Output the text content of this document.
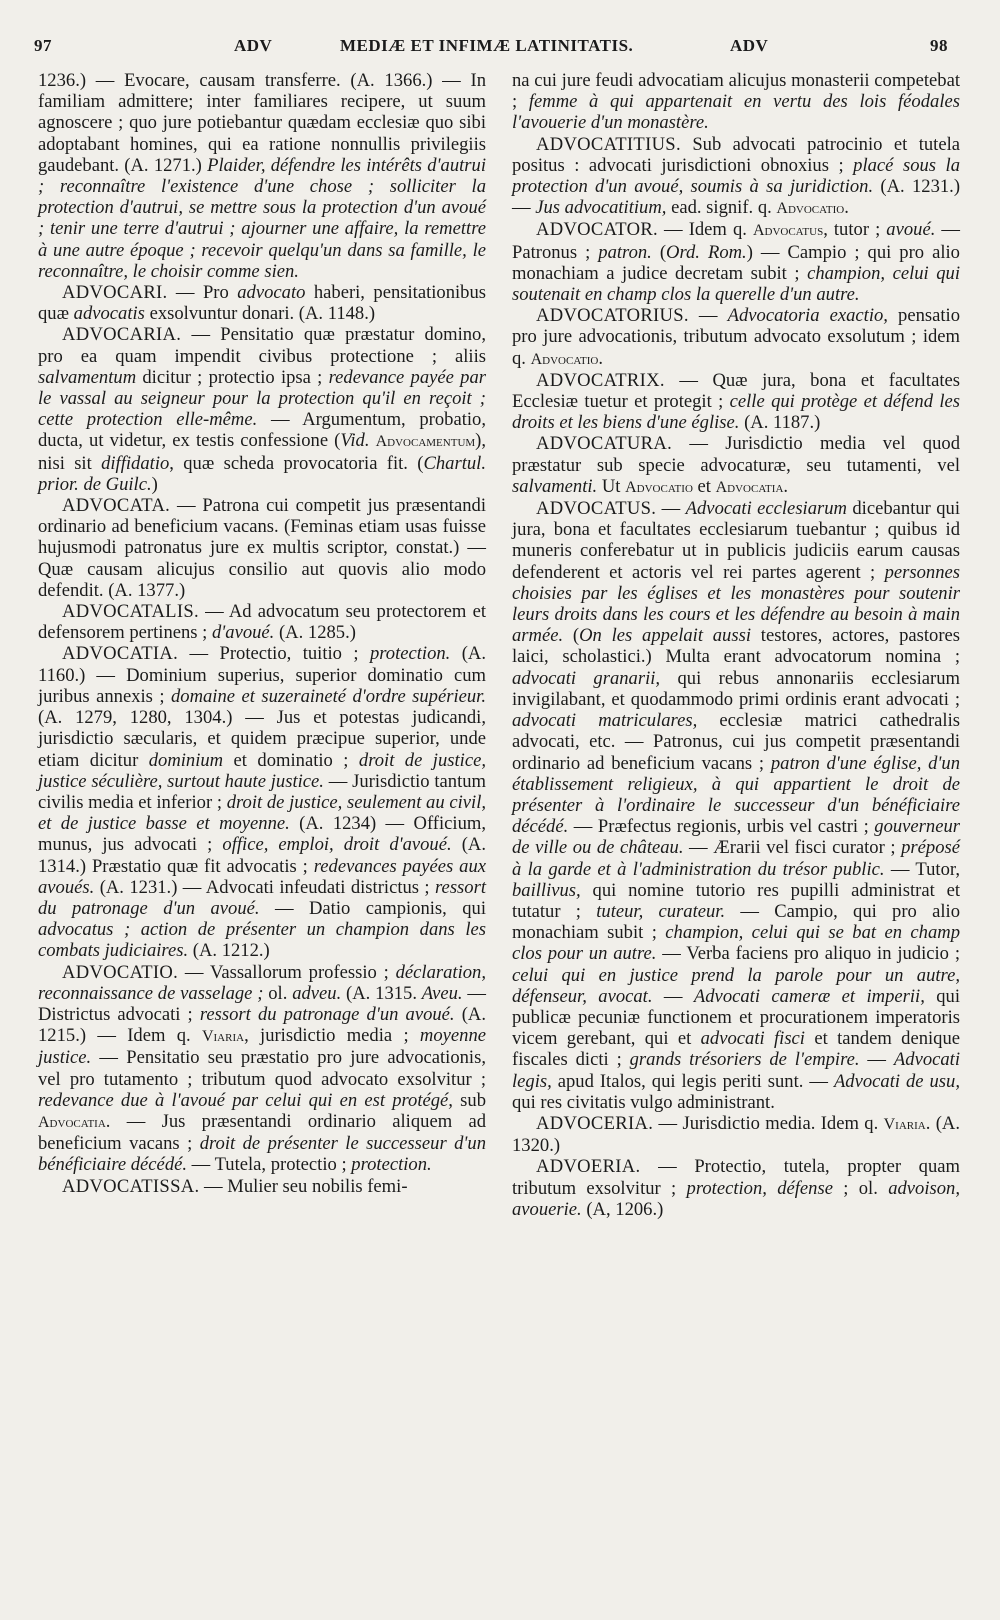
97	ADV	MEDIÆ ET INFIMÆ LATINITATIS.	ADV	98

1236.) — Evocare, causam transferre. (A. 1366.) — In familiam admittere; inter familiares recipere, ut suum agnoscere ; quo jure potiebantur quædam ecclesiæ quo sibi adoptabant homines, qui ea ratione nonnullis privilegiis gaudebant. (A. 1271.) Plaider, défendre les intérêts d'autrui ; reconnaître l'existence d'une chose ; solliciter la protection d'autrui, se mettre sous la protection d'un avoué ; tenir une terre d'autrui ; ajourner une affaire, la remettre à une autre époque ; recevoir quelqu'un dans sa famille, le reconnaître, le choisir comme sien.

ADVOCARI. — Pro advocato haberi, pensitationibus quæ advocatis exsolvuntur donari. (A. 1148.)

ADVOCARIA. — Pensitatio quæ præstatur domino, pro ea quam impendit civibus protectione ; aliis salvamentum dicitur ; protectio ipsa ; redevance payée par le vassal au seigneur pour la protection qu'il en reçoit ; cette protection elle-même. — Argumentum, probatio, ducta, ut videtur, ex testis confessione (Vid. Advocamentum), nisi sit diffidatio, quæ scheda provocatoria fit. (Chartul. prior. de Guilc.)

ADVOCATA. — Patrona cui competit jus præsentandi ordinario ad beneficium vacans. (Feminas etiam usas fuisse hujusmodi patronatus jure ex multis scriptor, constat.) — Quæ causam alicujus consilio aut quovis alio modo defendit. (A. 1377.)

ADVOCATALIS. — Ad advocatum seu protectorem et defensorem pertinens ; d'avoué. (A. 1285.)

ADVOCATIA. — Protectio, tuitio ; protection. (A. 1160.) — Dominium superius, superior dominatio cum juribus annexis ; domaine et suzeraineté d'ordre supérieur. (A. 1279, 1280, 1304.) — Jus et potestas judicandi, jurisdictio sæcularis, et quidem præcipue superior, unde etiam dicitur dominium et dominatio ; droit de justice, justice séculière, surtout haute justice. — Jurisdictio tantum civilis media et inferior ; droit de justice, seulement au civil, et de justice basse et moyenne. (A. 1234) — Officium, munus, jus advocati ; office, emploi, droit d'avoué. (A. 1314.) Præstatio quæ fit advocatis ; redevances payées aux avoués. (A. 1231.) — Advocati infeudati districtus ; ressort du patronage d'un avoué. — Datio campionis, qui advocatus ; action de présenter un champion dans les combats judiciaires. (A. 1212.)

ADVOCATIO. — Vassallorum professio ; déclaration, reconnaissance de vasselage ; ol. adveu. (A. 1315. Aveu. — Districtus advocati ; ressort du patronage d'un avoué. (A. 1215.) — Idem q. Viaria, jurisdictio media ; moyenne justice. — Pensitatio seu præstatio pro jure advocationis, vel pro tutamento ; tributum quod advocato exsolvitur ; redevance due à l'avoué par celui qui en est protégé, sub Advocatia. — Jus præsentandi ordinario aliquem ad beneficium vacans ; droit de présenter le successeur d'un bénéficiaire décédé. — Tutela, protectio ; protection.

ADVOCATISSA. — Mulier seu nobilis femi-

na cui jure feudi advocatiam alicujus monasterii competebat ; femme à qui appartenait en vertu des lois féodales l'avouerie d'un monastère.

ADVOCATITIUS. Sub advocati patrocinio et tutela positus : advocati jurisdictioni obnoxius ; placé sous la protection d'un avoué, soumis à sa juridiction. (A. 1231.) — Jus advocatitium, ead. signif. q. Advocatio.

ADVOCATOR. — Idem q. Advocatus, tutor ; avoué. — Patronus ; patron. (Ord. Rom.) — Campio ; qui pro alio monachiam a judice decretam subit ; champion, celui qui soutenait en champ clos la querelle d'un autre.

ADVOCATORIUS. — Advocatoria exactio, pensatio pro jure advocationis, tributum advocato exsolutum ; idem q. Advocatio.

ADVOCATRIX. — Quæ jura, bona et facultates Ecclesiæ tuetur et protegit ; celle qui protège et défend les droits et les biens d'une église. (A. 1187.)

ADVOCATURA. — Jurisdictio media vel quod præstatur sub specie advocaturæ, seu tutamenti, vel salvamenti. Ut Advocatio et Advocatia.

ADVOCATUS. — Advocati ecclesiarum dicebantur qui jura, bona et facultates ecclesiarum tuebantur ; quibus id muneris conferebatur ut in publicis judiciis earum causas defenderent et actoris vel rei partes agerent ; personnes choisies par les églises et les monastères pour soutenir leurs droits dans les cours et les défendre au besoin à main armée. (On les appelait aussi testores, actores, pastores laici, scholastici.) Multa erant advocatorum nomina ; advocati granarii, qui rebus annonariis ecclesiarum invigilabant, et quodammodo primi ordinis erant advocati ; advocati matriculares, ecclesiæ matrici cathedralis advocati, etc. — Patronus, cui jus competit præsentandi ordinario ad beneficium vacans ; patron d'une église, d'un établissement religieux, à qui appartient le droit de présenter à l'ordinaire le successeur d'un bénéficiaire décédé. — Præfectus regionis, urbis vel castri ; gouverneur de ville ou de château. — Ærarii vel fisci curator ; préposé à la garde et à l'administration du trésor public. — Tutor, baillivus, qui nomine tutorio res pupilli administrat et tutatur ; tuteur, curateur. — Campio, qui pro alio monachiam subit ; champion, celui qui se bat en champ clos pour un autre. — Verba faciens pro aliquo in judicio ; celui qui en justice prend la parole pour un autre, défenseur, avocat. — Advocati cameræ et imperii, qui publicæ pecuniæ functionem et procurationem imperatoris vicem gerebant, qui et advocati fisci et tandem denique fiscales dicti ; grands trésoriers de l'empire. — Advocati legis, apud Italos, qui legis periti sunt. — Advocati de usu, qui res civitatis vulgo administrant.

ADVOCERIA. — Jurisdictio media. Idem q. Viaria. (A. 1320.)

ADVOERIA. — Protectio, tutela, propter quam tributum exsolvitur ; protection, défense ; ol. advoison, avouerie. (A, 1206.)
